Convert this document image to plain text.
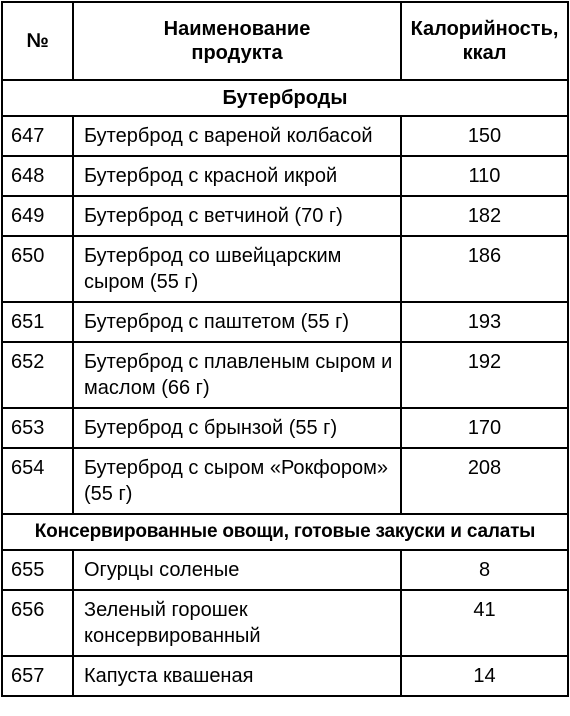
№	Наименование продукта	Калорийность, ккал

Бутерброды		
647	Бутерброд с вареной колбасой	150
648	Бутерброд с красной икрой	110
649	Бутерброд с ветчиной (70 г)	182
650	Бутерброд со швейцарским сыром (55 г)	186
651	Бутерброд с паштетом (55 г)	193
652	Бутерброд с плавленым сыром и маслом (66 г)	192
653	Бутерброд с брынзой (55 г)	170
654	Бутерброд с сыром «Рокфором» (55 г)	208
Консервированные овощи, готовые закуски и салаты		
655	Огурцы соленые	8
656	Зеленый горошек консервированный	41
657	Капуста квашеная	14
